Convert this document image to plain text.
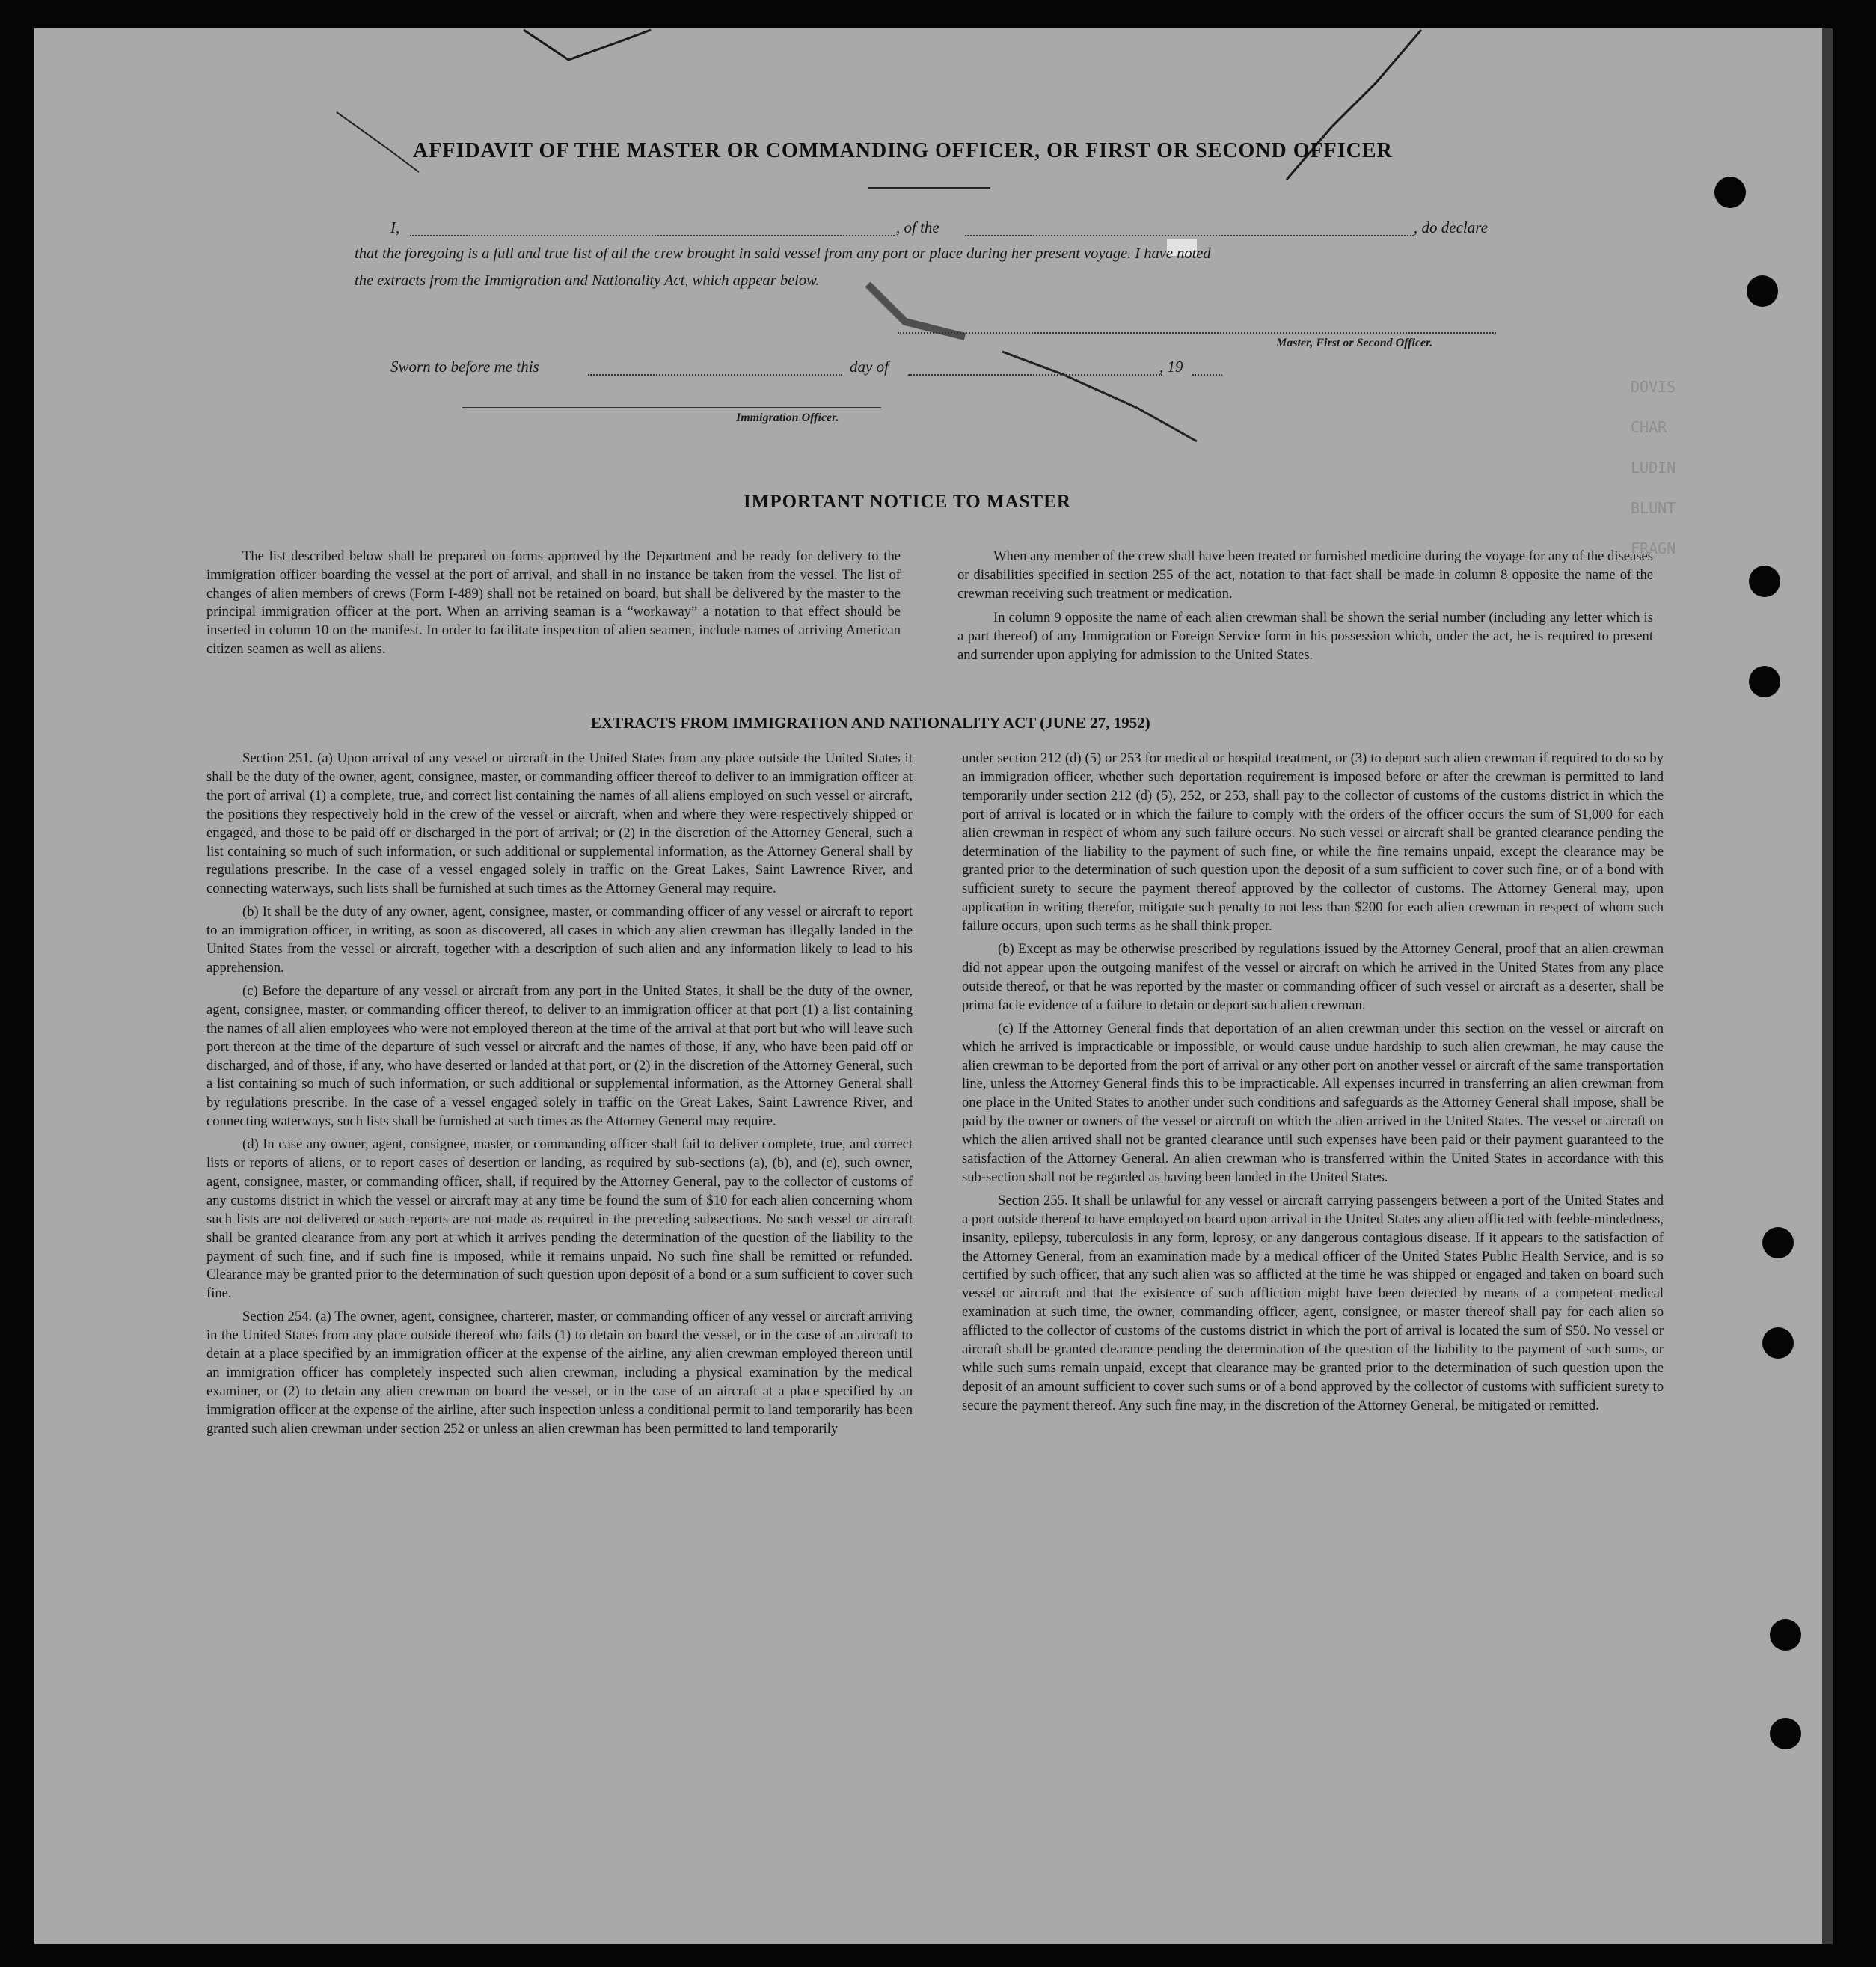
DOVIS
CHAR
LUDIN
BLUNT
FRAGN
AFFIDAVIT OF THE MASTER OR COMMANDING OFFICER, OR FIRST OR SECOND OFFICER
I,	, of the	, do declare
that the foregoing is a full and true list of all the crew brought in said vessel from any port or place during her present voyage. I have noted
the extracts from the Immigration and Nationality Act, which appear below.
Master, First or Second Officer.
Sworn to before me this	day of	, 19
Immigration Officer.
IMPORTANT NOTICE TO MASTER

The list described below shall be prepared on forms approved by the Department and be ready for delivery to the immigration officer boarding the vessel at the port of arrival, and shall in no instance be taken from the vessel. The list of changes of alien members of crews (Form I-489) shall not be retained on board, but shall be delivered by the master to the principal immigration officer at the port. When an arriving seaman is a “workaway” a notation to that effect should be inserted in column 10 on the manifest. In order to facilitate inspection of alien seamen, include names of arriving American citizen seamen as well as aliens.

When any member of the crew shall have been treated or furnished medicine during the voyage for any of the diseases or disabilities specified in section 255 of the act, notation to that fact shall be made in column 8 opposite the name of the crewman receiving such treatment or medication.

In column 9 opposite the name of each alien crewman shall be shown the serial number (including any letter which is a part thereof) of any Immigration or Foreign Service form in his possession which, under the act, he is required to present and surrender upon applying for admission to the United States.

EXTRACTS FROM IMMIGRATION AND NATIONALITY ACT (JUNE 27, 1952)

Section 251. (a) Upon arrival of any vessel or aircraft in the United States from any place outside the United States it shall be the duty of the owner, agent, consignee, master, or commanding officer thereof to deliver to an immigration officer at the port of arrival (1) a complete, true, and correct list containing the names of all aliens employed on such vessel or aircraft, the positions they respectively hold in the crew of the vessel or aircraft, when and where they were respectively shipped or engaged, and those to be paid off or discharged in the port of arrival; or (2) in the discretion of the Attorney General, such a list containing so much of such information, or such additional or supplemental information, as the Attorney General shall by regulations prescribe. In the case of a vessel engaged solely in traffic on the Great Lakes, Saint Lawrence River, and connecting waterways, such lists shall be furnished at such times as the Attorney General may require.

(b) It shall be the duty of any owner, agent, consignee, master, or commanding officer of any vessel or aircraft to report to an immigration officer, in writing, as soon as discovered, all cases in which any alien crewman has illegally landed in the United States from the vessel or aircraft, together with a description of such alien and any information likely to lead to his apprehension.

(c) Before the departure of any vessel or aircraft from any port in the United States, it shall be the duty of the owner, agent, consignee, master, or commanding officer thereof, to deliver to an immigration officer at that port (1) a list containing the names of all alien employees who were not employed thereon at the time of the arrival at that port but who will leave such port thereon at the time of the departure of such vessel or aircraft and the names of those, if any, who have been paid off or discharged, and of those, if any, who have deserted or landed at that port, or (2) in the discretion of the Attorney General, such a list containing so much of such information, or such additional or supplemental information, as the Attorney General shall by regulations prescribe. In the case of a vessel engaged solely in traffic on the Great Lakes, Saint Lawrence River, and connecting waterways, such lists shall be furnished at such times as the Attorney General may require.

(d) In case any owner, agent, consignee, master, or commanding officer shall fail to deliver complete, true, and correct lists or reports of aliens, or to report cases of desertion or landing, as required by sub-sections (a), (b), and (c), such owner, agent, consignee, master, or commanding officer, shall, if required by the Attorney General, pay to the collector of customs of any customs district in which the vessel or aircraft may at any time be found the sum of $10 for each alien concerning whom such lists are not delivered or such reports are not made as required in the preceding subsections. No such vessel or aircraft shall be granted clearance from any port at which it arrives pending the determination of the question of the liability to the payment of such fine, and if such fine is imposed, while it remains unpaid. No such fine shall be remitted or refunded. Clearance may be granted prior to the determination of such question upon deposit of a bond or a sum sufficient to cover such fine.

Section 254. (a) The owner, agent, consignee, charterer, master, or commanding officer of any vessel or aircraft arriving in the United States from any place outside thereof who fails (1) to detain on board the vessel, or in the case of an aircraft to detain at a place specified by an immigration officer at the expense of the airline, any alien crewman employed thereon until an immigration officer has completely inspected such alien crewman, including a physical examination by the medical examiner, or (2) to detain any alien crewman on board the vessel, or in the case of an aircraft at a place specified by an immigration officer at the expense of the airline, after such inspection unless a conditional permit to land temporarily has been granted such alien crewman under section 252 or unless an alien crewman has been permitted to land temporarily

under section 212 (d) (5) or 253 for medical or hospital treatment, or (3) to deport such alien crewman if required to do so by an immigration officer, whether such deportation requirement is imposed before or after the crewman is permitted to land temporarily under section 212 (d) (5), 252, or 253, shall pay to the collector of customs of the customs district in which the port of arrival is located or in which the failure to comply with the orders of the officer occurs the sum of $1,000 for each alien crewman in respect of whom any such failure occurs. No such vessel or aircraft shall be granted clearance pending the determination of the liability to the payment of such fine, or while the fine remains unpaid, except the clearance may be granted prior to the determination of such question upon the deposit of a sum sufficient to cover such fine, or of a bond with sufficient surety to secure the payment thereof approved by the collector of customs. The Attorney General may, upon application in writing therefor, mitigate such penalty to not less than $200 for each alien crewman in respect of whom such failure occurs, upon such terms as he shall think proper.

(b) Except as may be otherwise prescribed by regulations issued by the Attorney General, proof that an alien crewman did not appear upon the outgoing manifest of the vessel or aircraft on which he arrived in the United States from any place outside thereof, or that he was reported by the master or commanding officer of such vessel or aircraft as a deserter, shall be prima facie evidence of a failure to detain or deport such alien crewman.

(c) If the Attorney General finds that deportation of an alien crewman under this section on the vessel or aircraft on which he arrived is impracticable or impossible, or would cause undue hardship to such alien crewman, he may cause the alien crewman to be deported from the port of arrival or any other port on another vessel or aircraft of the same transportation line, unless the Attorney General finds this to be impracticable. All expenses incurred in transferring an alien crewman from one place in the United States to another under such conditions and safeguards as the Attorney General shall impose, shall be paid by the owner or owners of the vessel or aircraft on which the alien arrived in the United States. The vessel or aircraft on which the alien arrived shall not be granted clearance until such expenses have been paid or their payment guaranteed to the satisfaction of the Attorney General. An alien crewman who is transferred within the United States in accordance with this sub-section shall not be regarded as having been landed in the United States.

Section 255. It shall be unlawful for any vessel or aircraft carrying passengers between a port of the United States and a port outside thereof to have employed on board upon arrival in the United States any alien afflicted with feeble-mindedness, insanity, epilepsy, tuberculosis in any form, leprosy, or any dangerous contagious disease. If it appears to the satisfaction of the Attorney General, from an examination made by a medical officer of the United States Public Health Service, and is so certified by such officer, that any such alien was so afflicted at the time he was shipped or engaged and taken on board such vessel or aircraft and that the existence of such affliction might have been detected by means of a competent medical examination at such time, the owner, commanding officer, agent, consignee, or master thereof shall pay for each alien so afflicted to the collector of customs of the customs district in which the port of arrival is located the sum of $50. No vessel or aircraft shall be granted clearance pending the determination of the question of the liability to the payment of such sums, or while such sums remain unpaid, except that clearance may be granted prior to the determination of such question upon the deposit of an amount sufficient to cover such sums or of a bond approved by the collector of customs with sufficient surety to secure the payment thereof. Any such fine may, in the discretion of the Attorney General, be mitigated or remitted.
